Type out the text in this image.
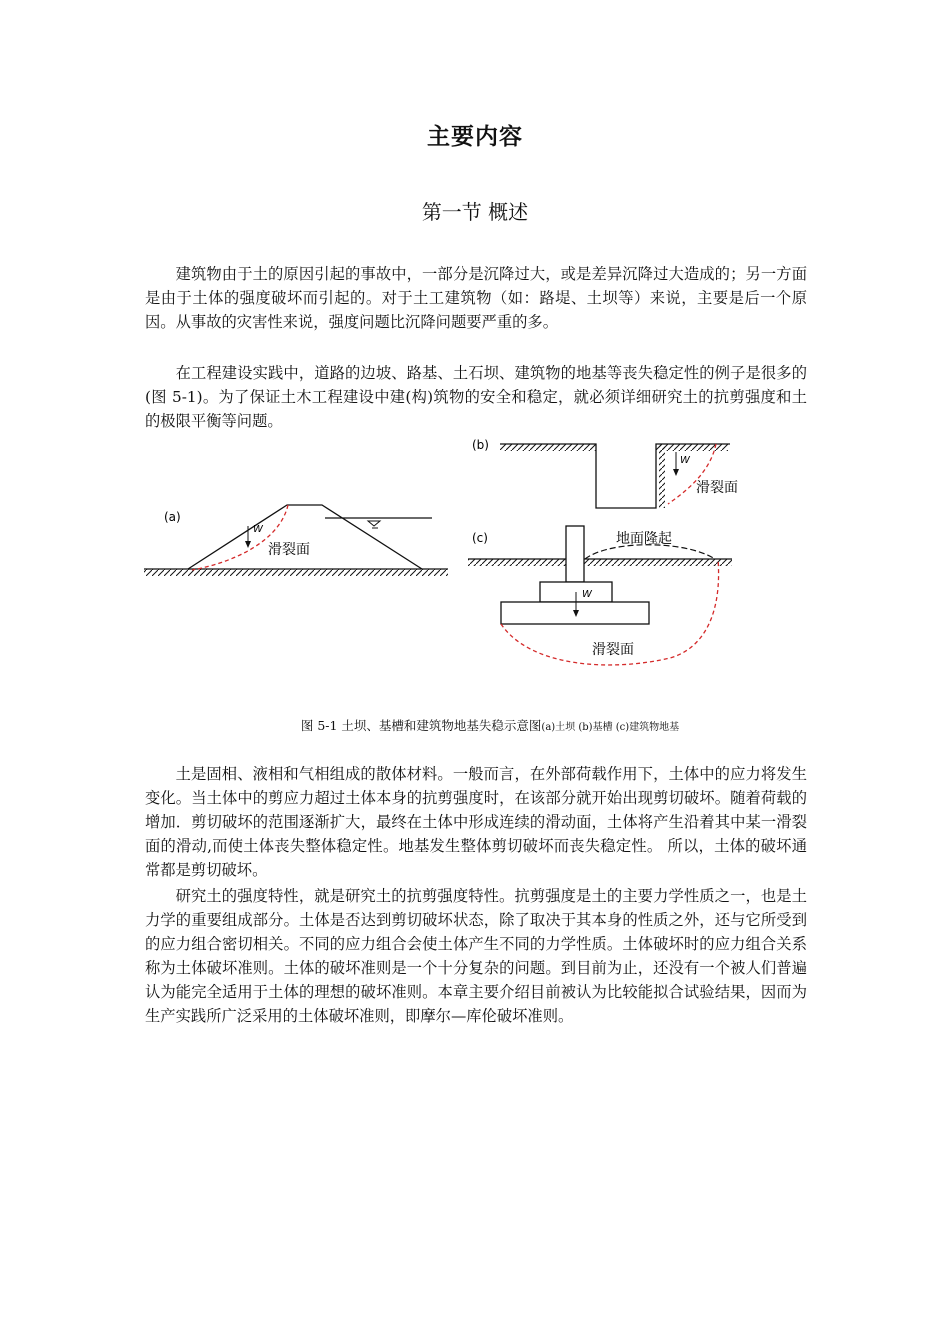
主要内容
第一节 概述

建筑物由于土的原因引起的事故中，一部分是沉降过大，或是差异沉降过大造成的；另一方面是由于土体的强度破坏而引起的。对于土工建筑物（如：路堤、土坝等）来说，主要是后一个原因。从事故的灾害性来说，强度问题比沉降问题要严重的多。

在工程建设实践中，道路的边坡、路基、土石坝、建筑物的地基等丧失稳定性的例子是很多的(图 5-1)。为了保证土木工程建设中建(构)筑物的安全和稳定，就必须详细研究土的抗剪强度和土的极限平衡等问题。

(a)
W
滑裂面
(b)
W
滑裂面
(c)	地面隆起
W
滑裂面
图 5-1 土坝、基槽和建筑物地基失稳示意图(a)土坝 (b)基槽 (c)建筑物地基

土是固相、液相和气相组成的散体材料。一般而言，在外部荷载作用下，土体中的应力将发生变化。当土体中的剪应力超过土体本身的抗剪强度时，在该部分就开始出现剪切破坏。随着荷载的增加．剪切破坏的范围逐渐扩大，最终在土体中形成连续的滑动面，土体将产生沿着其中某一滑裂面的滑动,而使土体丧失整体稳定性。地基发生整体剪切破坏而丧失稳定性。 所以，土体的破坏通常都是剪切破坏。

研究土的强度特性，就是研究土的抗剪强度特性。抗剪强度是土的主要力学性质之一，也是土力学的重要组成部分。土体是否达到剪切破坏状态，除了取决于其本身的性质之外，还与它所受到的应力组合密切相关。不同的应力组合会使土体产生不同的力学性质。土体破坏时的应力组合关系称为土体破坏准则。土体的破坏准则是一个十分复杂的问题。到目前为止，还没有一个被人们普遍认为能完全适用于土体的理想的破坏准则。本章主要介绍目前被认为比较能拟合试验结果，因而为生产实践所广泛采用的土体破坏准则，即摩尔—库伦破坏准则。
